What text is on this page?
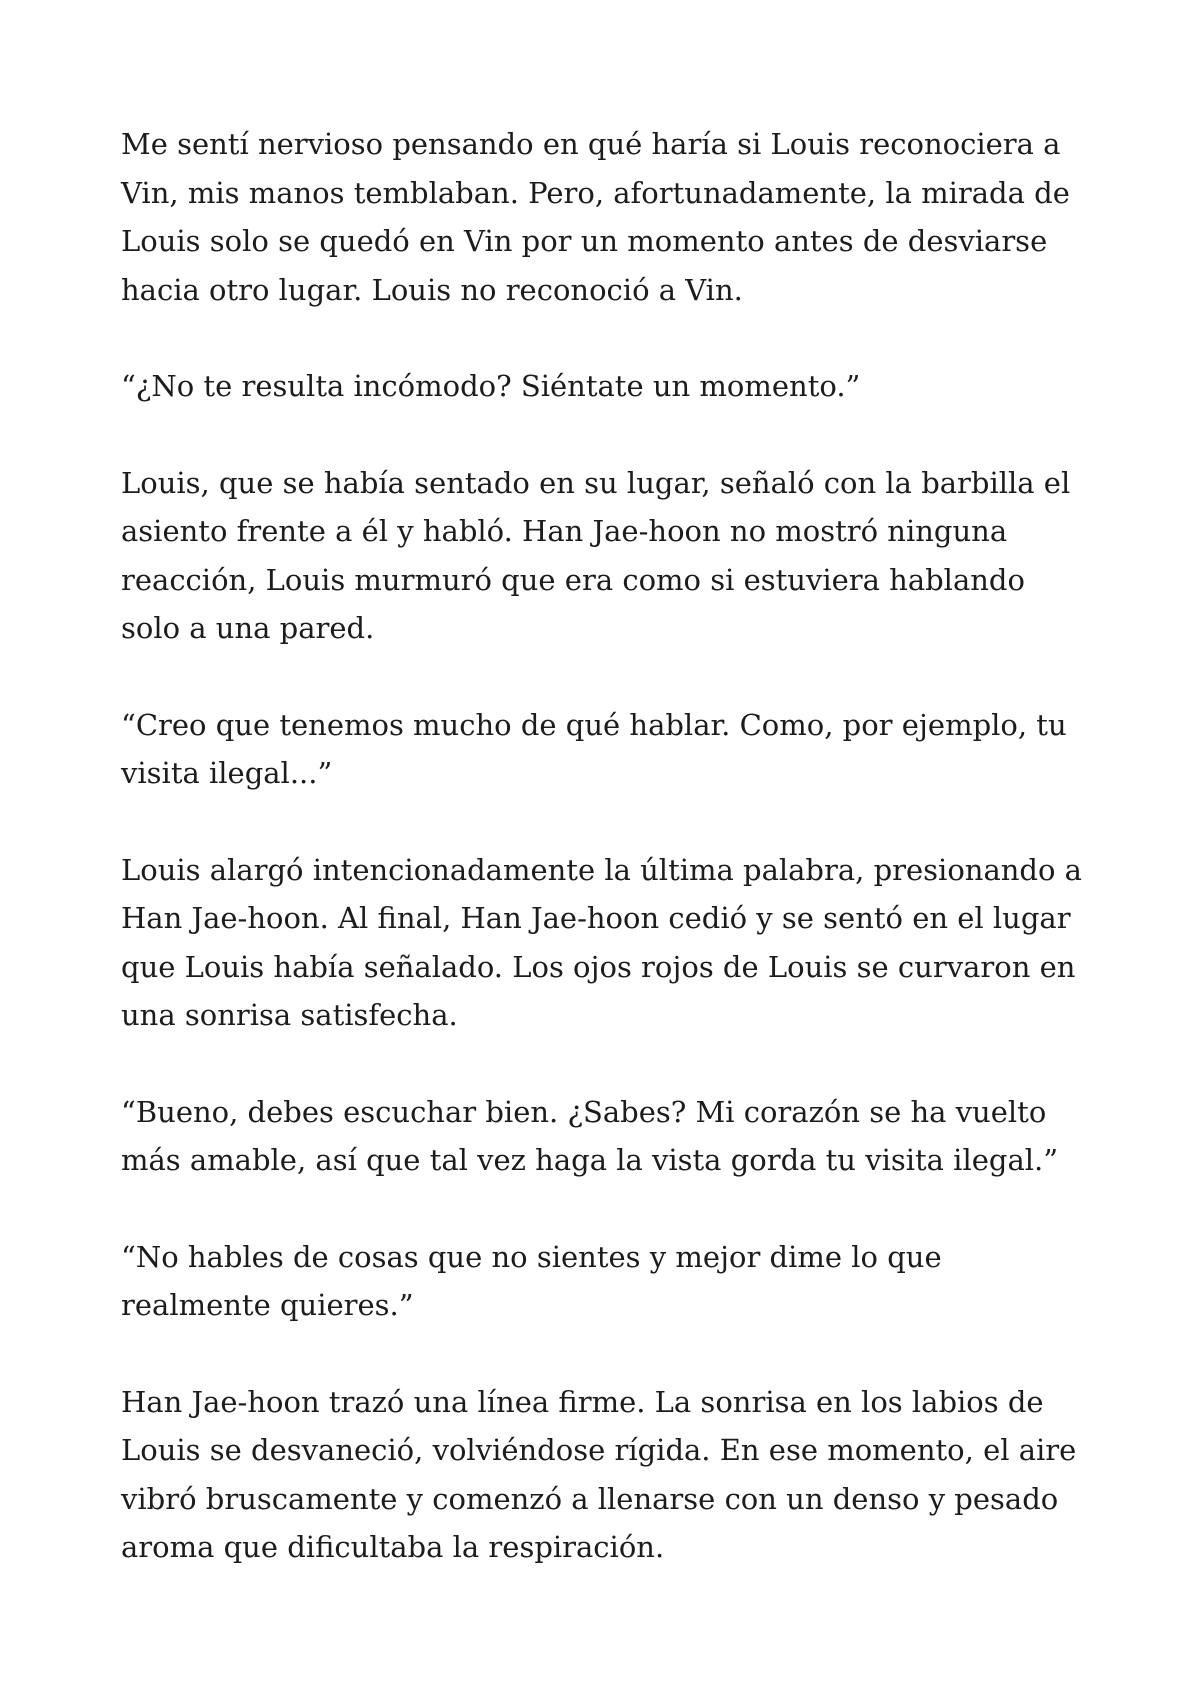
Me sentí nervioso pensando en qué haría si Louis reconociera a Vin, mis manos temblaban. Pero, afortunadamente, la mirada de Louis solo se quedó en Vin por un momento antes de desviarse hacia otro lugar. Louis no reconoció a Vin.

“¿No te resulta incómodo? Siéntate un momento.”

Louis, que se había sentado en su lugar, señaló con la barbilla el asiento frente a él y habló. Han Jae-hoon no mostró ninguna reacción, Louis murmuró que era como si estuviera hablando solo a una pared.

“Creo que tenemos mucho de qué hablar. Como, por ejemplo, tu visita ilegal...”

Louis alargó intencionadamente la última palabra, presionando a Han Jae-hoon. Al final, Han Jae-hoon cedió y se sentó en el lugar que Louis había señalado. Los ojos rojos de Louis se curvaron en una sonrisa satisfecha.

“Bueno, debes escuchar bien. ¿Sabes? Mi corazón se ha vuelto más amable, así que tal vez haga la vista gorda tu visita ilegal.”

“No hables de cosas que no sientes y mejor dime lo que realmente quieres.”

Han Jae-hoon trazó una línea firme. La sonrisa en los labios de Louis se desvaneció, volviéndose rígida. En ese momento, el aire vibró bruscamente y comenzó a llenarse con un denso y pesado aroma que dificultaba la respiración.
